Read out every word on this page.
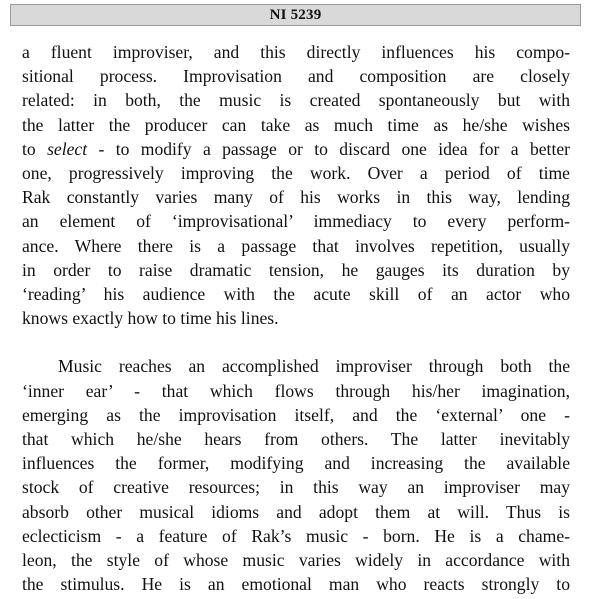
NI 5239
a fluent improviser, and this directly influences his compo-
sitional process. Improvisation and composition are closely
related: in both, the music is created spontaneously but with
the latter the producer can take as much time as he/she wishes
to select - to modify a passage or to discard one idea for a better
one, progressively improving the work. Over a period of time
Rak constantly varies many of his works in this way, lending
an element of ‘improvisational’ immediacy to every perform-
ance. Where there is a passage that involves repetition, usually
in order to raise dramatic tension, he gauges its duration by
‘reading’ his audience with the acute skill of an actor who
knows exactly how to time his lines.
Music reaches an accomplished improviser through both the
‘inner ear’ - that which flows through his/her imagination,
emerging as the improvisation itself, and the ‘external’ one -
that which he/she hears from others. The latter inevitably
influences the former, modifying and increasing the available
stock of creative resources; in this way an improviser may
absorb other musical idioms and adopt them at will. Thus is
eclecticism - a feature of Rak’s music - born. He is a chame-
leon, the style of whose music varies widely in accordance with
the stimulus. He is an emotional man who reacts strongly to
